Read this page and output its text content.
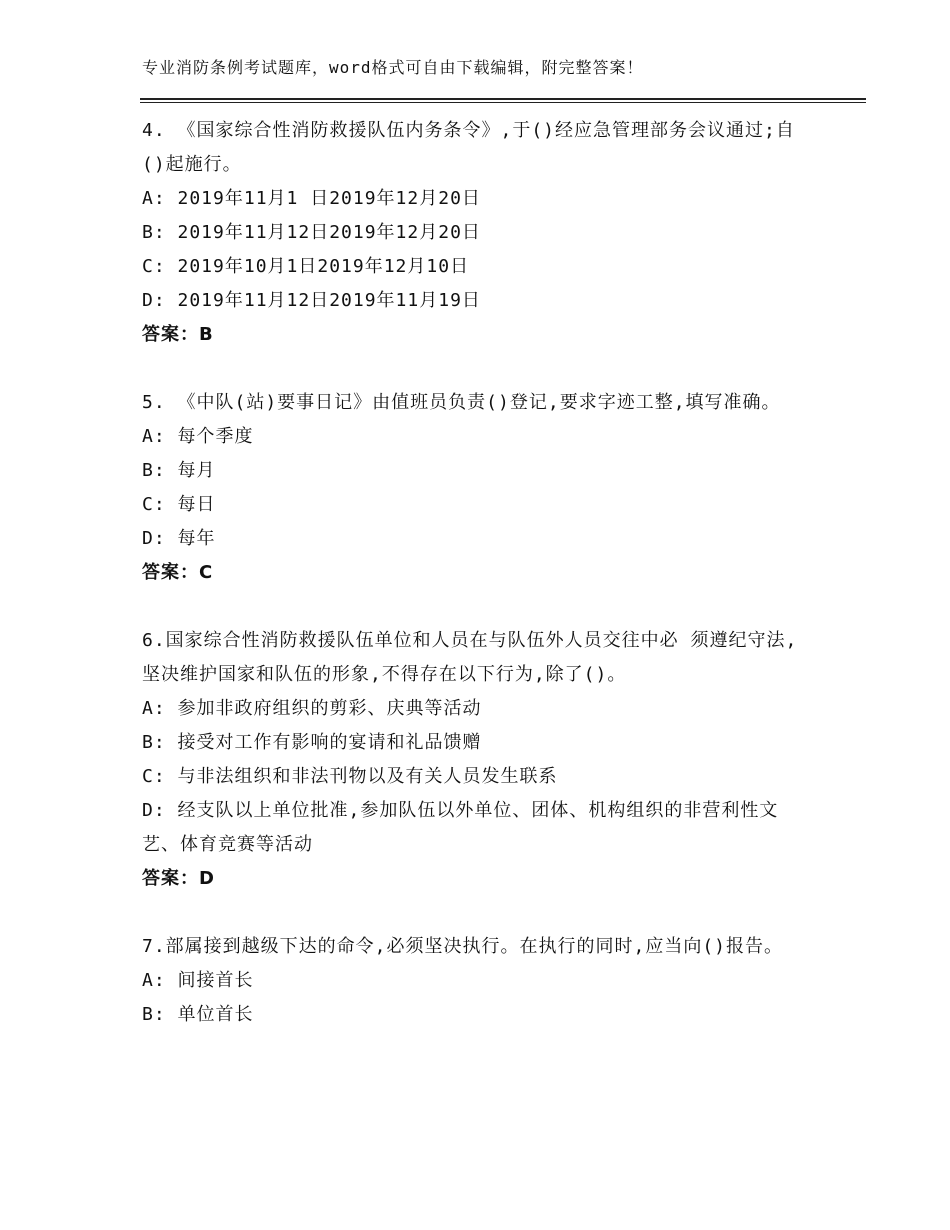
专业消防条例考试题库，word格式可自由下载编辑，附完整答案！

4. 《国家综合性消防救援队伍内务条令》,于()经应急管理部务会议通过;自()起施行。

A: 2019年11月1 日2019年12月20日

B: 2019年11月12日2019年12月20日

C: 2019年10月1日2019年12月10日

D: 2019年11月12日2019年11月19日

答案：B

5. 《中队(站)要事日记》由值班员负责()登记,要求字迹工整,填写准确。

A: 每个季度

B: 每月

C: 每日

D: 每年

答案：C

6.国家综合性消防救援队伍单位和人员在与队伍外人员交往中必 须遵纪守法,坚决维护国家和队伍的形象,不得存在以下行为,除了()。

A: 参加非政府组织的剪彩、庆典等活动

B: 接受对工作有影响的宴请和礼品馈赠

C: 与非法组织和非法刊物以及有关人员发生联系

D: 经支队以上单位批准,参加队伍以外单位、团体、机构组织的非营利性文艺、体育竞赛等活动

答案：D

7.部属接到越级下达的命令,必须坚决执行。在执行的同时,应当向()报告。

A: 间接首长

B: 单位首长
